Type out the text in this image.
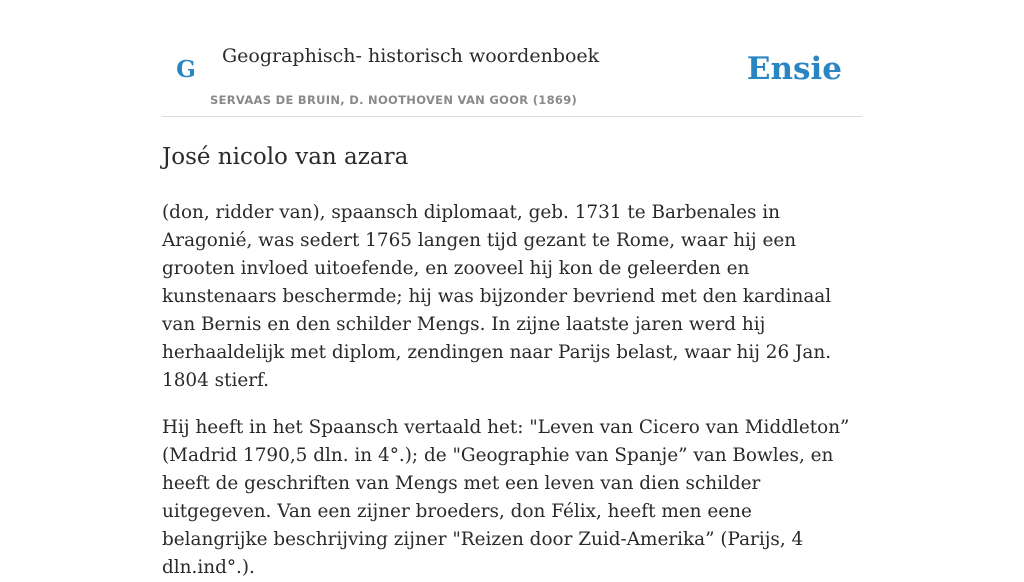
G	Geographisch- historisch woordenboek
SERVAAS DE BRUIN, D. NOOTHOVEN VAN GOOR (1869)
Ensie
José nicolo van azara

(don, ridder van), spaansch diplomaat, geb. 1731 te Barbenales in Aragonié, was sedert 1765 langen tijd gezant te Rome, waar hij een grooten invloed uitoefende, en zooveel hij kon de geleerden en kunstenaars beschermde; hij was bijzonder bevriend met den kardinaal van Bernis en den schilder Mengs. In zijne laatste jaren werd hij herhaaldelijk met diplom, zendingen naar Parijs belast, waar hij 26 Jan. 1804 stierf.

Hij heeft in het Spaansch vertaald het: "Leven van Cicero van Middleton” (Madrid 1790,5 dln. in 4°.); de "Geographie van Spanje” van Bowles, en heeft de geschriften van Mengs met een leven van dien schilder uitgegeven. Van een zijner broeders, don Félix, heeft men eene belangrijke beschrijving zijner "Reizen door Zuid-Amerika” (Parijs, 4 dln.ind°.).
